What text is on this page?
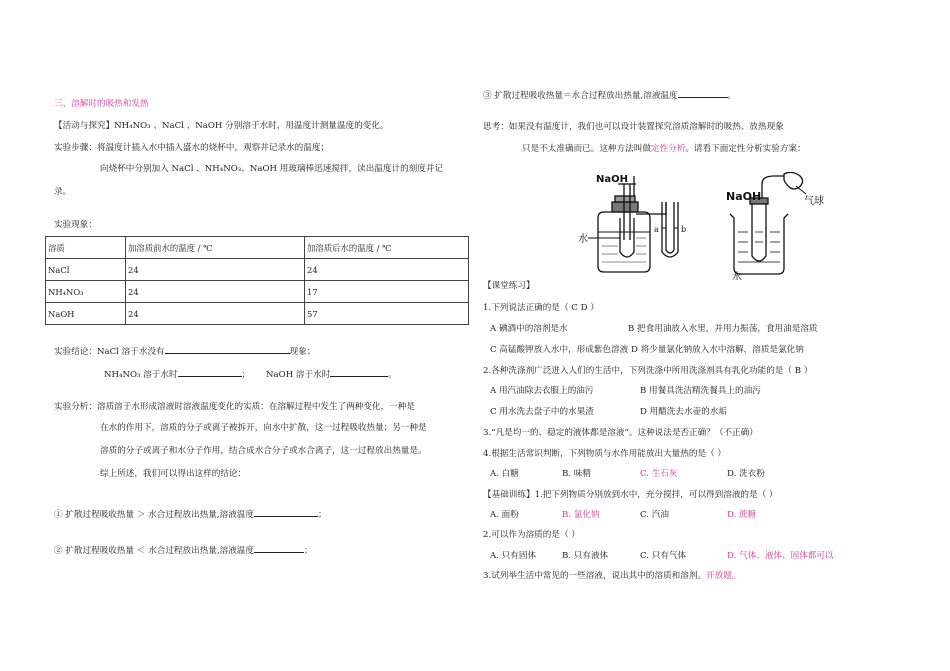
三、溶解时的吸热和发热
【活动与探究】NH₄NO₃ 、NaCl 、NaOH 分别溶于水时，用温度计测量温度的变化。
实验步骤：将温度计插入水中插入盛水的烧杯中，观察并记录水的温度；
向烧杯中分别加入 NaCl 、NH₄NO₃、NaOH 用玻璃棒迅速搅拌，读出温度计的刻度并记
录。
实验现象：
溶质	加溶质前水的温度 / ℃	加溶质后水的温度 / ℃
NaCl	24	24
NH₄NO₃	24	17
NaOH	24	57
实验结论：NaCl 溶于水没有	现象；
NH₄NO₃ 溶于水时	； NaOH 溶于水时	。
实验分析：溶质溶于水形成溶液时溶液温度变化的实质：在溶解过程中发生了两种变化，一种是
在水的作用下，溶质的分子或离子被拆开，向水中扩散，这一过程吸收热量；另一种是
溶质的分子或离子和水分子作用，结合成水合分子或水合离子，这一过程放出热量是。
综上所述，我们可以得出这样的结论：
① 扩散过程吸收热量 ＞ 水合过程放出热量,溶液温度	；
② 扩散过程吸收热量 ＜ 水合过程放出热量,溶液温度	；
③ 扩散过程吸收热量＝水合过程放出热量,溶液温度	。
思考：如果没有温度计，我们也可以设计装置探究溶质溶解时的吸热、放热现象
只是不太准确而已。这种方法叫做定性分析。请看下面定性分析实验方案：
NaOH
水
a	b
NaOH	气球
水
【课堂练习】
1.下列说法正确的是（ C D ）
A 碘酒中的溶剂是水	B 把食用油放入水里，并用力振荡，食用油是溶质
C 高锰酸钾放入水中，形成紫色溶液 D 将少量氯化钠放入水中溶解，溶质是氯化钠
2.各种洗涤剂广泛进入人们的生活中，下列洗涤中所用洗涤剂具有乳化功能的是（ B ）
A 用汽油除去衣服上的油污	B 用餐具洗洁精洗餐具上的油污
C 用水洗去盘子中的水果渣	D 用醋洗去水壶的水垢
3.“凡是均一的、稳定的液体都是溶液”。这种说法是否正确？（不正确）
4.根据生活常识判断，下列物质与水作用能放出大量热的是（ ）
A. 白糖	B. 味精	C. 生石灰	D. 洗衣粉
【基础训练】1.把下列物质分别放到水中，充分搅拌，可以得到溶液的是（ ）
A. 面粉	B. 氯化钠	C. 汽油	D. 蔗糖
2.可以作为溶质的是（ ）
A. 只有固体	B. 只有液体	C. 只有气体	D. 气体、液体、固体都可以
3.试列举生活中常见的一些溶液，说出其中的溶质和溶剂。开放题。
